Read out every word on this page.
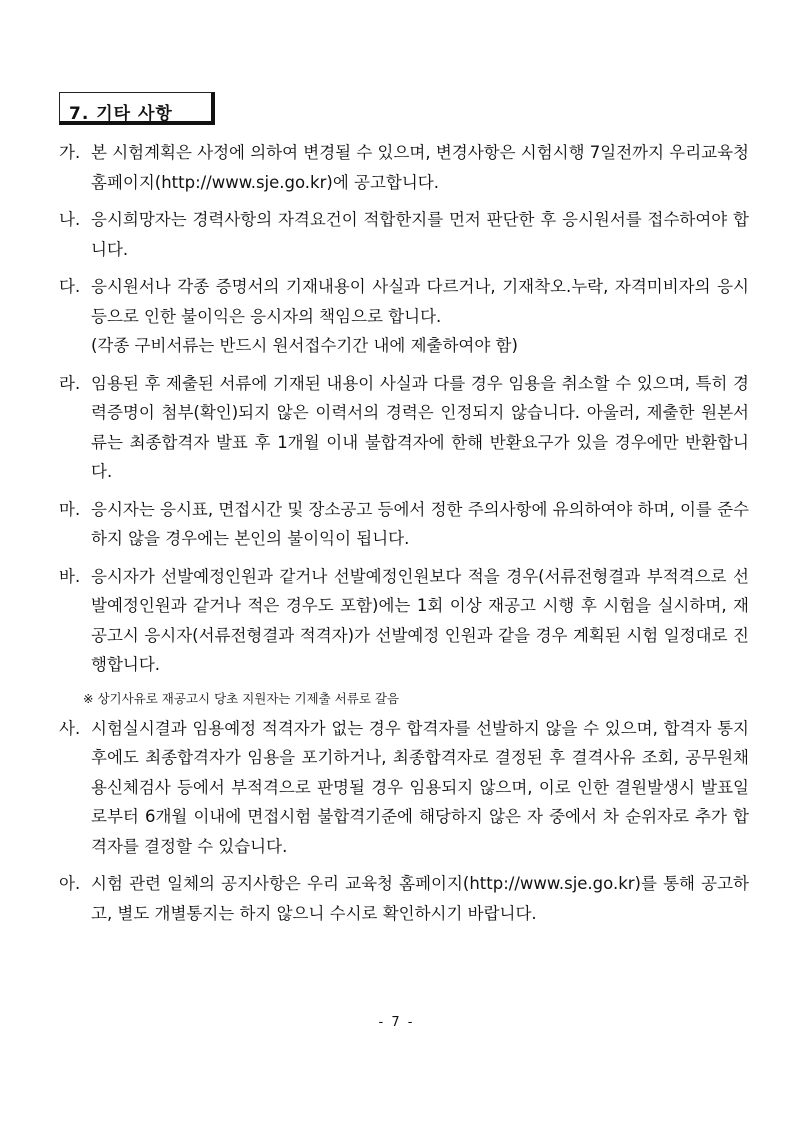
7. 기타 사항
가. 본 시험계획은 사정에 의하여 변경될 수 있으며, 변경사항은 시험시행 7일전까지 우리교육청 홈페이지(http://www.sje.go.kr)에 공고합니다.
나. 응시희망자는 경력사항의 자격요건이 적합한지를 먼저 판단한 후 응시원서를 접수하여야 합니다.
다. 응시원서나 각종 증명서의 기재내용이 사실과 다르거나, 기재착오.누락, 자격미비자의 응시 등으로 인한 불이익은 응시자의 책임으로 합니다.
(각종 구비서류는 반드시 원서접수기간 내에 제출하여야 함)
라. 임용된 후 제출된 서류에 기재된 내용이 사실과 다를 경우 임용을 취소할 수 있으며, 특히 경력증명이 첨부(확인)되지 않은 이력서의 경력은 인정되지 않습니다. 아울러, 제출한 원본서류는 최종합격자 발표 후 1개월 이내 불합격자에 한해 반환요구가 있을 경우에만 반환합니다.
마. 응시자는 응시표, 면접시간 및 장소공고 등에서 정한 주의사항에 유의하여야 하며, 이를 준수하지 않을 경우에는 본인의 불이익이 됩니다.
바. 응시자가 선발예정인원과 같거나 선발예정인원보다 적을 경우(서류전형결과 부적격으로 선발예정인원과 같거나 적은 경우도 포함)에는 1회 이상 재공고 시행 후 시험을 실시하며, 재공고시 응시자(서류전형결과 적격자)가 선발예정 인원과 같을 경우 계획된 시험 일정대로 진행합니다.
※ 상기사유로 재공고시 당초 지원자는 기제출 서류로 갈음
사. 시험실시결과 임용예정 적격자가 없는 경우 합격자를 선발하지 않을 수 있으며, 합격자 통지 후에도 최종합격자가 임용을 포기하거나, 최종합격자로 결정된 후 결격사유 조회, 공무원채용신체검사 등에서 부적격으로 판명될 경우 임용되지 않으며, 이로 인한 결원발생시 발표일로부터 6개월 이내에 면접시험 불합격기준에 해당하지 않은 자 중에서 차 순위자로 추가 합격자를 결정할 수 있습니다.
아. 시험 관련 일체의 공지사항은 우리 교육청 홈페이지(http://www.sje.go.kr)를 통해 공고하고, 별도 개별통지는 하지 않으니 수시로 확인하시기 바랍니다.
- 7 -
